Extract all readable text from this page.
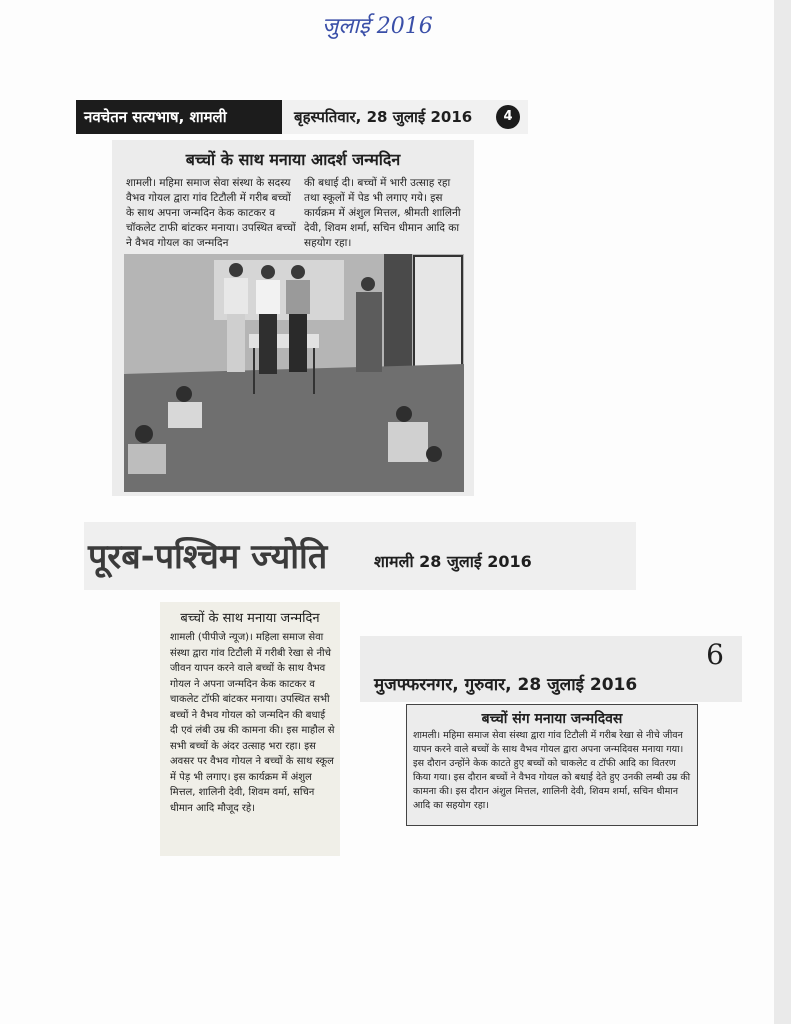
जुलाई 2016
नवचेतन सत्यभाष, शामली	बृहस्पतिवार, 28 जुलाई 2016	4
बच्चों के साथ मनाया आदर्श जन्मदिन
शामली। महिमा समाज सेवा संस्था के सदस्य वैभव गोयल द्वारा गांव टिटौली में गरीब बच्चों के साथ अपना जन्मदिन केक काटकर व चॉकलेट टाफी बांटकर मनाया। उपस्थित बच्चों ने वैभव गोयल का जन्मदिन
की बधाई दी। बच्चों में भारी उत्साह रहा तथा स्कूलों में पेड भी लगाए गये। इस कार्यक्रम में अंशुल मित्तल, श्रीमती शालिनी देवी, शिवम शर्मा, सचिन धीमान आदि का सहयोग रहा।
पूरब-पश्चिम ज्योति	शामली 28 जुलाई 2016
बच्चों के साथ मनाया जन्मदिन
शामली (पीपीजे न्यूज)। महिला समाज सेवा संस्था द्वारा गांव टिटौली में गरीबी रेखा से नीचे जीवन यापन करने वाले बच्चों के साथ वैभव गोयल ने अपना जन्मदिन केक काटकर व चाकलेट टॉफी बांटकर मनाया। उपस्थित सभी बच्चों ने वैभव गोयल को जन्मदिन की बधाई दी एवं लंबी उम्र की कामना की। इस माहौल से सभी बच्चों के अंदर उत्साह भरा रहा। इस अवसर पर वैभव गोयल ने बच्चों के साथ स्कूल में पेड़ भी लगाए। इस कार्यक्रम में अंशुल मित्तल, शालिनी देवी, शिवम वर्मा, सचिन धीमान आदि मौजूद रहे।
मुजफ्फरनगर, गुरुवार, 28 जुलाई 2016
6
बच्चों संग मनाया जन्मदिवस
शामली। महिमा समाज सेवा संस्था द्वारा गांव टिटौली में गरीब रेखा से नीचे जीवन यापन करने वाले बच्चों के साथ वैभव गोयल द्वारा अपना जन्मदिवस मनाया गया। इस दौरान उन्होंने केक काटते हुए बच्चों को चाकलेट व टॉफी आदि का वितरण किया गया। इस दौरान बच्चों ने वैभव गोयल को बधाई देते हुए उनकी लम्बी उम्र की कामना की। इस दौरान अंशुल मित्तल, शालिनी देवी, शिवम शर्मा, सचिन धीमान आदि का सहयोग रहा।
